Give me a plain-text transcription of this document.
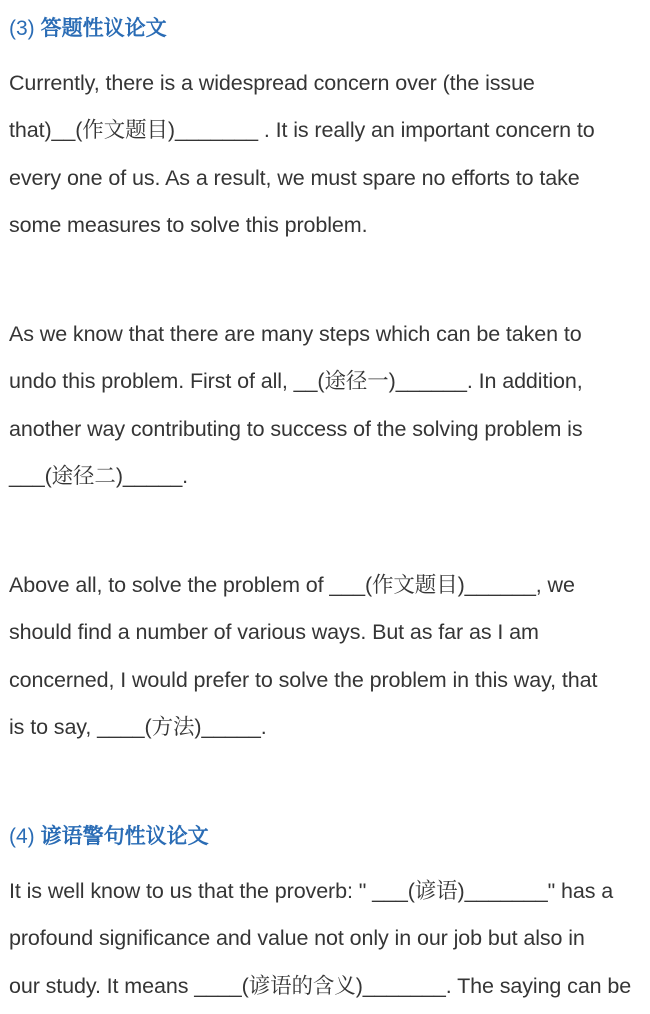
(3) 答题性议论文

Currently, there is a widespread concern over (the issue
that)__(作文题目)_______ . It is really an important concern to
every one of us. As a result, we must spare no efforts to take
some measures to solve this problem.

As we know that there are many steps which can be taken to
undo this problem. First of all, __(途径一)______. In addition,
another way contributing to success of the solving problem is
___(途径二)_____.

Above all, to solve the problem of ___(作文题目)______, we
should find a number of various ways. But as far as I am
concerned, I would prefer to solve the problem in this way, that
is to say, ____(方法)_____.

(4) 谚语警句性议论文

It is well know to us that the proverb: " ___(谚语)_______" has a
profound significance and value not only in our job but also in
our study. It means ____(谚语的含义)_______. The saying can be
